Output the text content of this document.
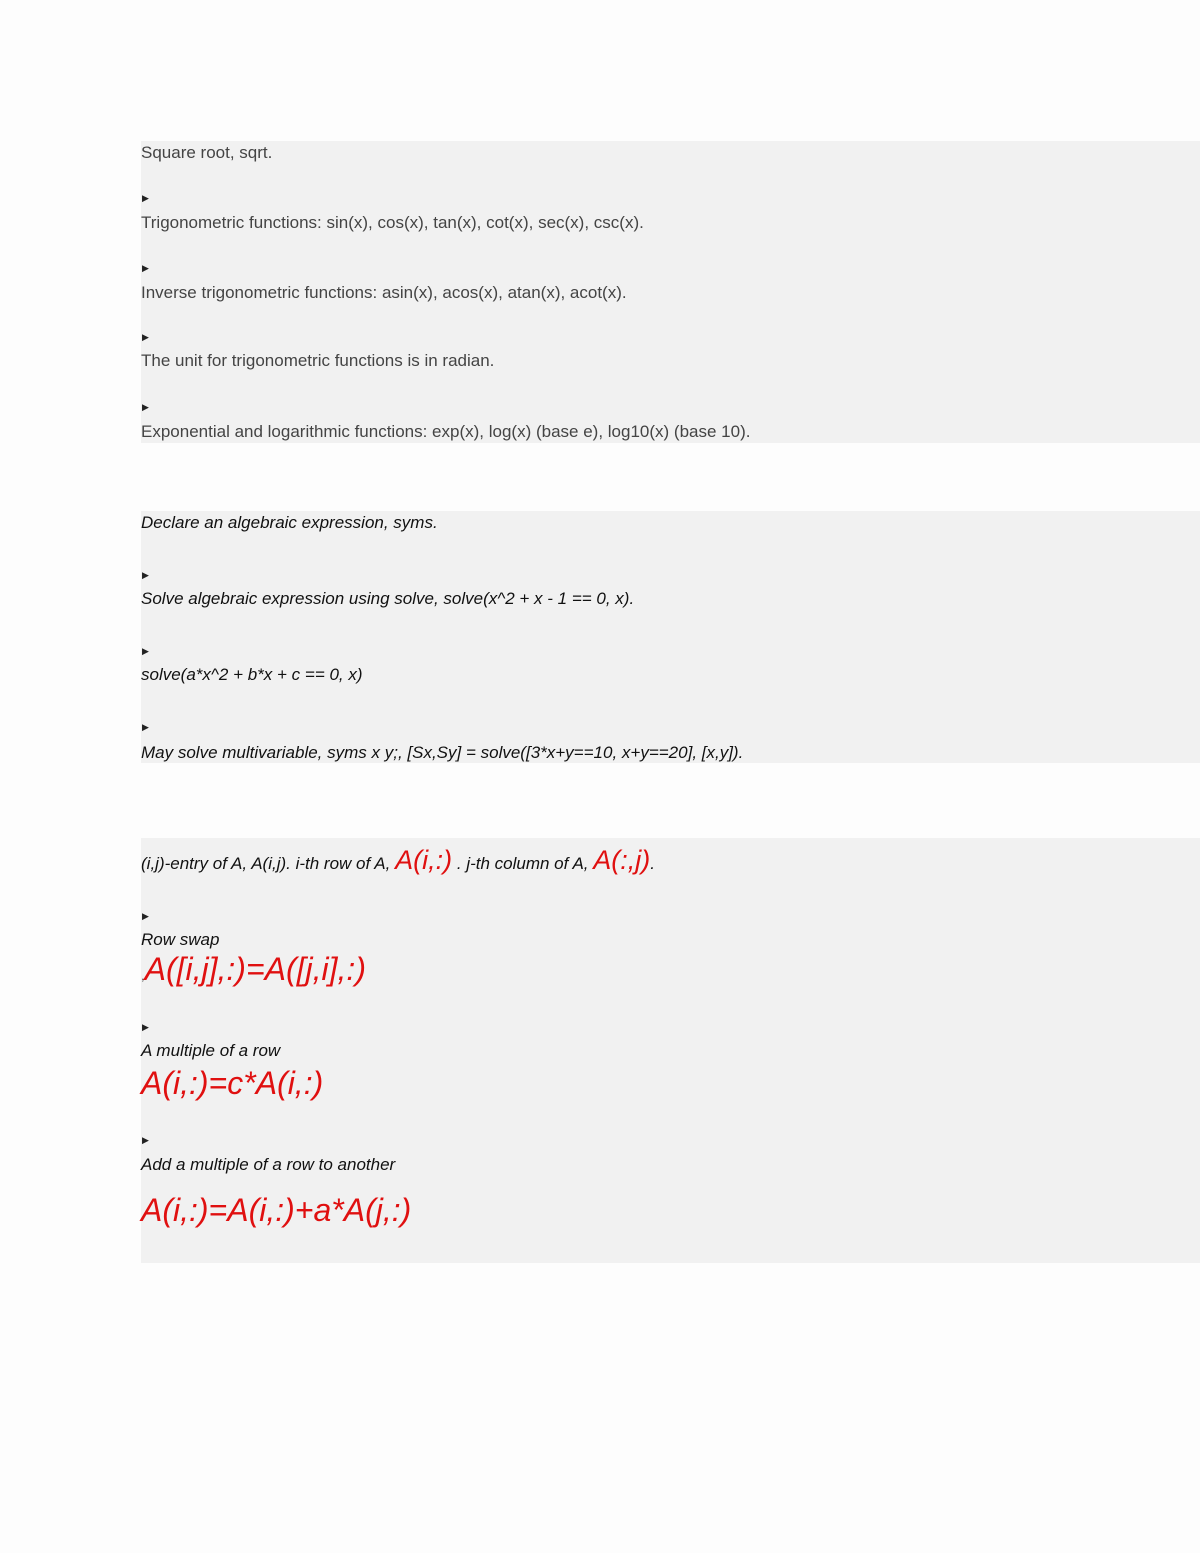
Square root, sqrt.
▶
Trigonometric functions: sin(x), cos(x), tan(x), cot(x), sec(x), csc(x).
▶
Inverse trigonometric functions: asin(x), acos(x), atan(x), acot(x).
▶
The unit for trigonometric functions is in radian.
▶
Exponential and logarithmic functions: exp(x), log(x) (base e), log10(x) (base 10).
Declare an algebraic expression, syms.
▶
Solve algebraic expression using solve, solve(x^2 + x - 1 == 0, x).
▶
solve(a*x^2 + b*x + c == 0, x)
▶
May solve multivariable, syms x y;, [Sx,Sy] = solve([3*x+y==10, x+y==20], [x,y]).
(i,j)-entry of A, A(i,j). i-th row of A, A(i,:) . j-th column of A, A(:,j).
▶
Row swap
,A([i,j],:)=A([j,i],:)
▶
A multiple of a row
A(i,:)=c*A(i,:)
▶
Add a multiple of a row to another
A(i,:)=A(i,:)+a*A(j,:)
